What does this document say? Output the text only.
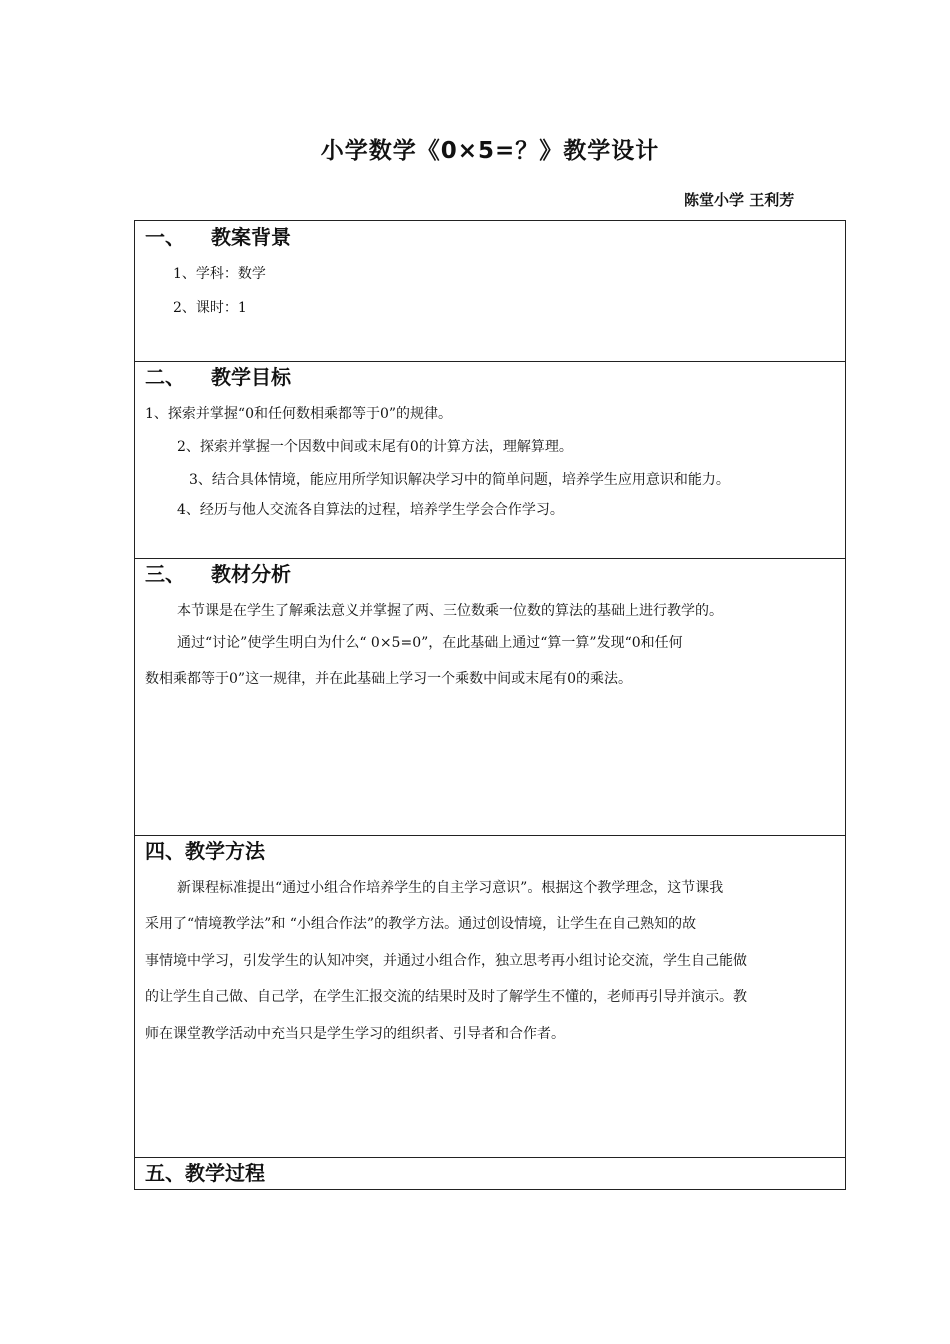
小学数学《0×5=？》教学设计
陈堂小学 王利芳
一、 教案背景
1、学科：数学
2、课时：1
二、 教学目标
1、探索并掌握“0和任何数相乘都等于0”的规律。
2、探索并掌握一个因数中间或末尾有0的计算方法，理解算理。
3、结合具体情境，能应用所学知识解决学习中的简单问题，培养学生应用意识和能力。
4、经历与他人交流各自算法的过程，培养学生学会合作学习。
三、 教材分析
本节课是在学生了解乘法意义并掌握了两、三位数乘一位数的算法的基础上进行教学的。
通过“讨论”使学生明白为什么“ 0×5=0”，在此基础上通过“算一算”发现“0和任何
数相乘都等于0”这一规律，并在此基础上学习一个乘数中间或末尾有0的乘法。
四、教学方法
新课程标准提出“通过小组合作培养学生的自主学习意识”。根据这个教学理念，这节课我
采用了“情境教学法”和 “小组合作法”的教学方法。通过创设情境，让学生在自己熟知的故
事情境中学习，引发学生的认知冲突，并通过小组合作，独立思考再小组讨论交流，学生自己能做
的让学生自己做、自己学，在学生汇报交流的结果时及时了解学生不懂的，老师再引导并演示。教
师在课堂教学活动中充当只是学生学习的组织者、引导者和合作者。
五、教学过程
